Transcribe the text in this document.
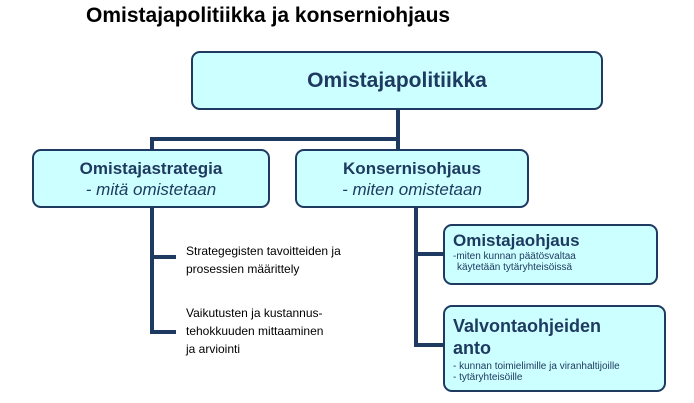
Omistajapolitiikka ja konserniohjaus
Omistajapolitiikka
Omistajastrategia
- mitä omistetaan
Konsernisohjaus
- miten omistetaan
Strategegisten tavoitteiden ja
prosessien määrittely
Vaikutusten ja kustannus-
tehokkuuden mittaaminen
ja arviointi
Omistajaohjaus
-miten kunnan päätösvaltaa
käytetään tytäryhteisöissä
Valvontaohjeiden
anto
- kunnan toimielimille ja viranhaltijoille
- tytäryhteisöille
